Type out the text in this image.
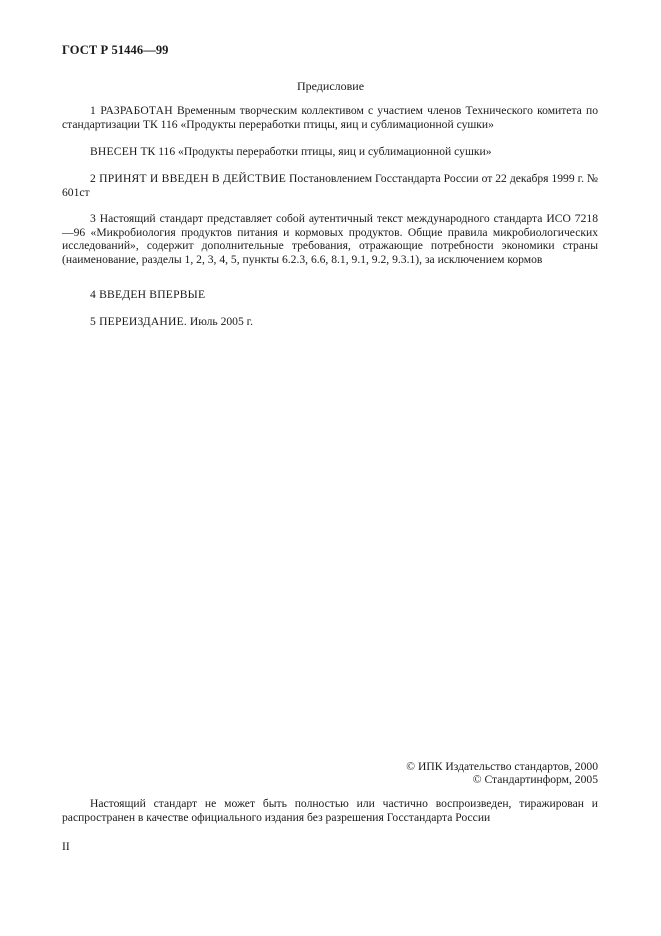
ГОСТ Р 51446—99
Предисловие
1 РАЗРАБОТАН Временным творческим коллективом с участием членов Технического комитета по стандартизации ТК 116 «Продукты переработки птицы, яиц и сублимационной сушки»
ВНЕСЕН ТК 116 «Продукты переработки птицы, яиц и сублимационной сушки»
2 ПРИНЯТ И ВВЕДЕН В ДЕЙСТВИЕ Постановлением Госстандарта России от 22 декабря 1999 г. № 601ст
3 Настоящий стандарт представляет собой аутентичный текст международного стандарта ИСО 7218—96 «Микробиология продуктов питания и кормовых продуктов. Общие правила микробиологических исследований», содержит дополнительные требования, отражающие потребности экономики страны (наименование, разделы 1, 2, 3, 4, 5, пункты 6.2.3, 6.6, 8.1, 9.1, 9.2, 9.3.1), за исключением кормов
4 ВВЕДЕН ВПЕРВЫЕ
5 ПЕРЕИЗДАНИЕ. Июль 2005 г.
© ИПК Издательство стандартов, 2000
© Стандартинформ, 2005
Настоящий стандарт не может быть полностью или частично воспроизведен, тиражирован и распространен в качестве официального издания без разрешения Госстандарта России
II
